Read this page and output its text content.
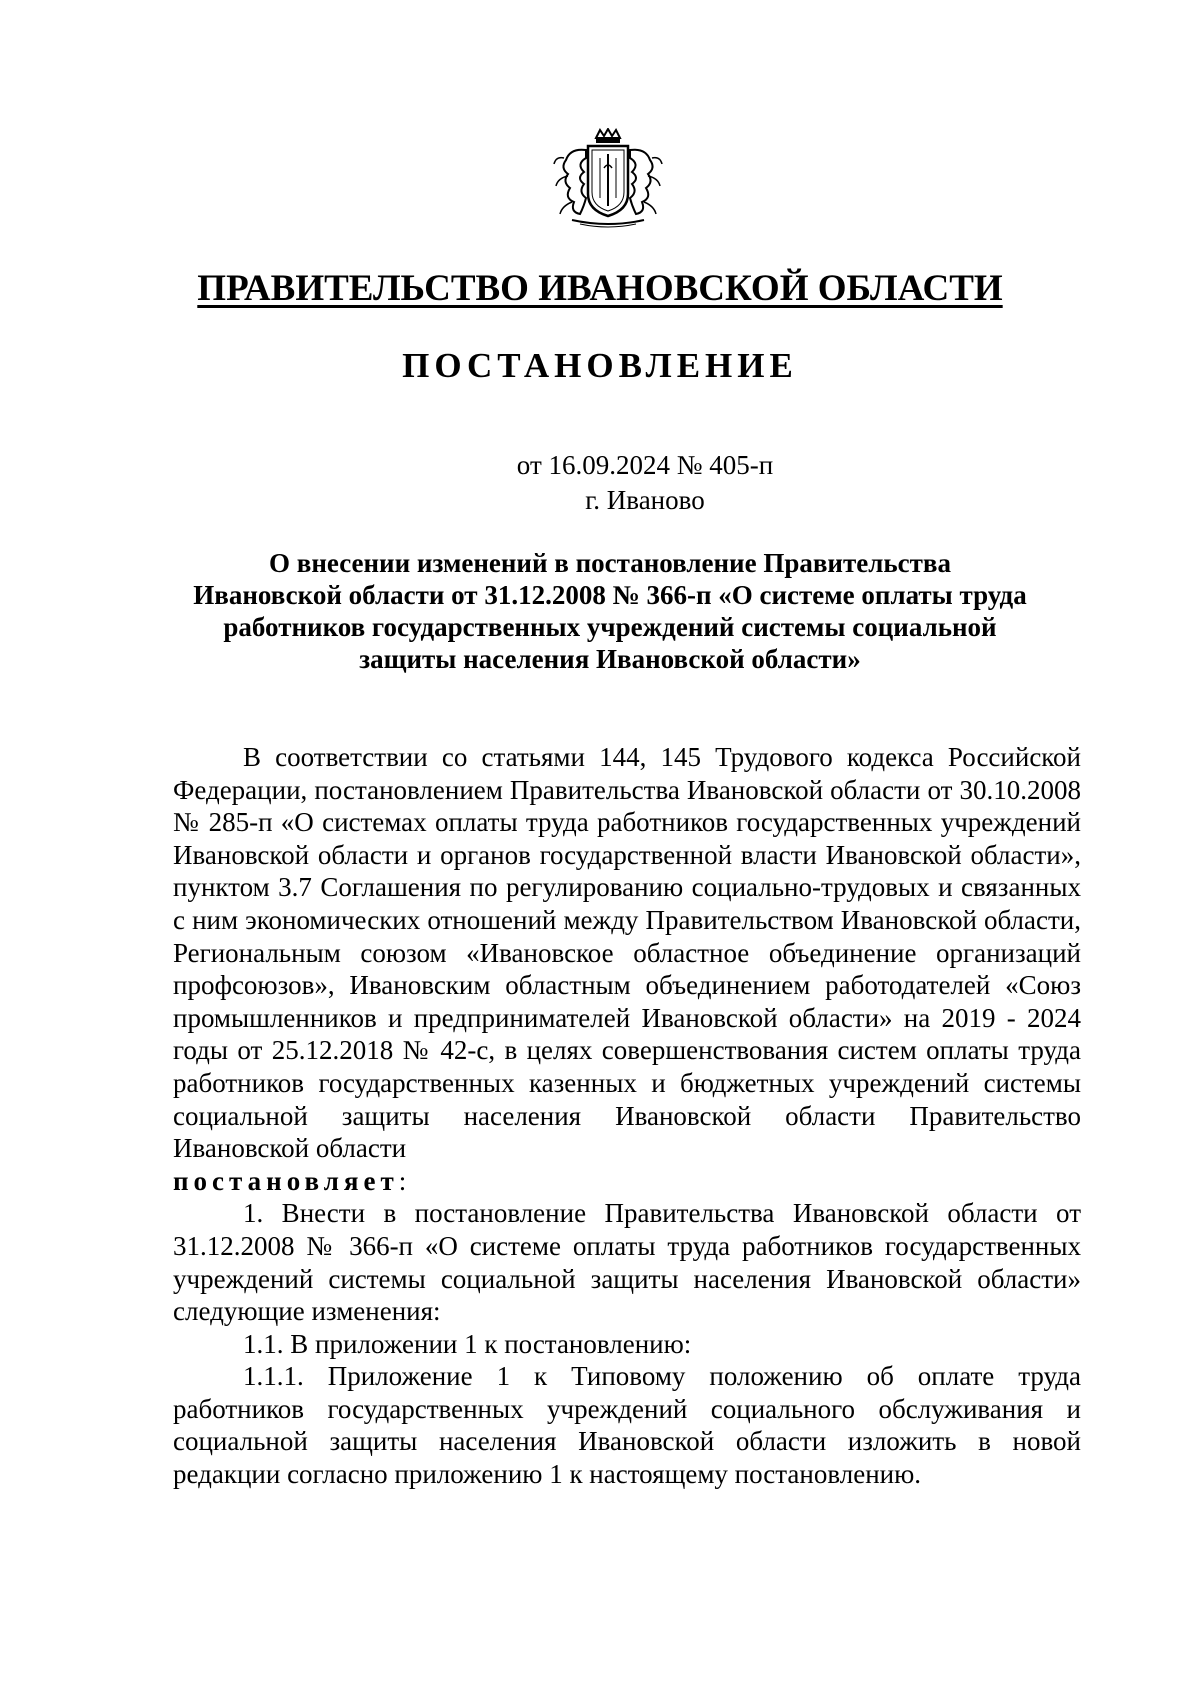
ПРАВИТЕЛЬСТВО ИВАНОВСКОЙ ОБЛАСТИ
ПОСТАНОВЛЕНИЕ
от 16.09.2024 № 405-п
г. Иваново
О внесении изменений в постановление Правительства
Ивановской области от 31.12.2008 № 366-п «О системе оплаты труда
работников государственных учреждений системы социальной
защиты населения Ивановской области»

В соответствии со статьями 144, 145 Трудового кодекса Российской Федерации, постановлением Правительства Ивановской области от 30.10.2008 № 285-п «О системах оплаты труда работников государственных учреждений Ивановской области и органов государственной власти Ивановской области», пунктом 3.7 Соглашения по регулированию социально-трудовых и связанных с ним экономических отношений между Правительством Ивановской области, Региональным союзом «Ивановское областное объединение организаций профсоюзов», Ивановским областным объединением работодателей «Союз промышленников и предпринимателей Ивановской области» на 2019 - 2024 годы от 25.12.2018 № 42-с, в целях совершенствования систем оплаты труда работников государственных казенных и бюджетных учреждений системы социальной защиты населения Ивановской области Правительство Ивановской области

постановляет:

1. Внести в постановление Правительства Ивановской области от 31.12.2008 № 366-п «О системе оплаты труда работников государственных учреждений системы социальной защиты населения Ивановской области» следующие изменения:

1.1. В приложении 1 к постановлению:

1.1.1. Приложение 1 к Типовому положению об оплате труда работников государственных учреждений социального обслуживания и социальной защиты населения Ивановской области изложить в новой редакции согласно приложению 1 к настоящему постановлению.
